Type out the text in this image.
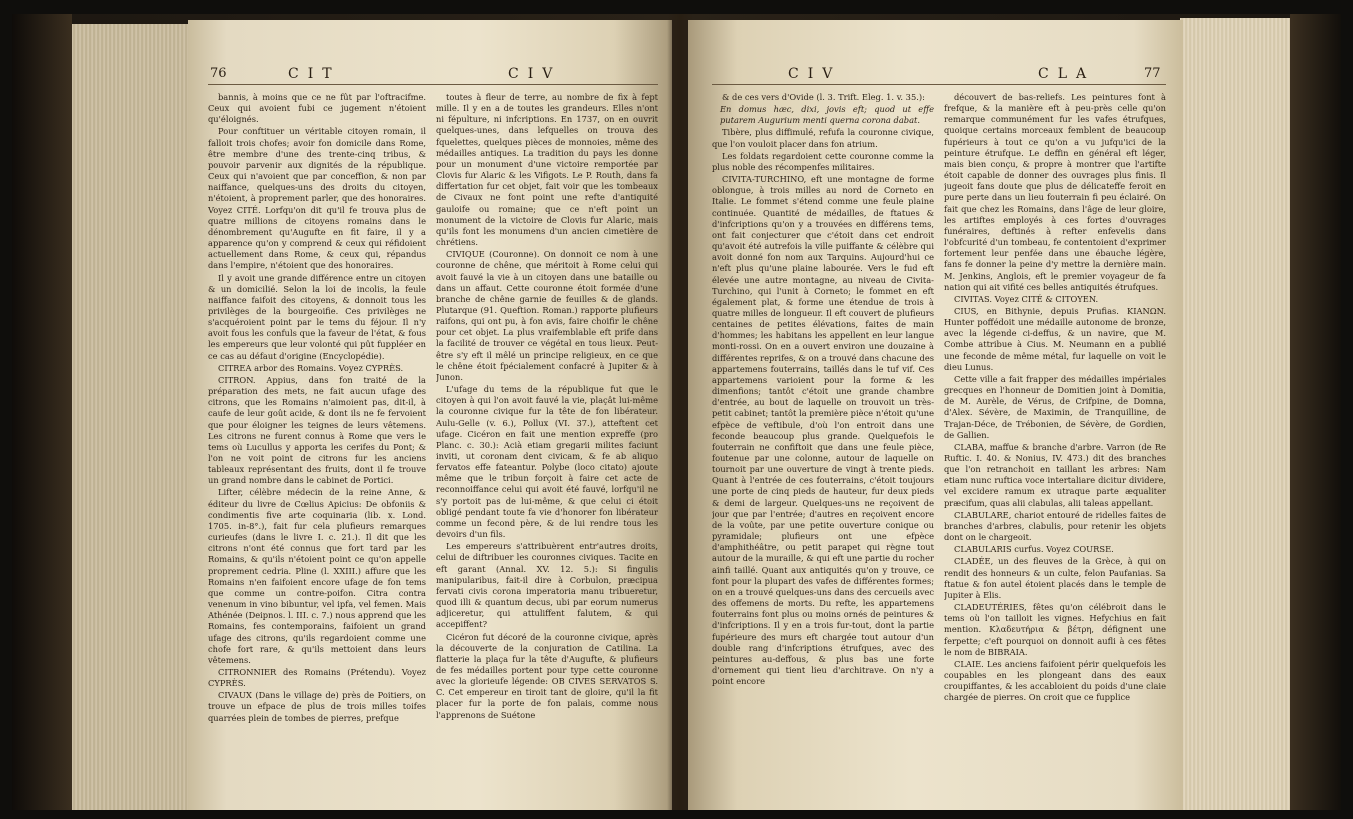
76	CIT	CIV

bannis, à moins que ce ne fût par l'oftracifme. Ceux qui avoient fubi ce jugement n'étoient qu'éloignés.

Pour conftituer un véritable citoyen romain, il falloit trois chofes; avoir fon domicile dans Rome, être membre d'une des trente-cinq tribus, & pouvoir parvenir aux dignités de la république. Ceux qui n'avoient que par conceffion, & non par naiffance, quelques-uns des droits du citoyen, n'étoient, à proprement parler, que des honoraires. Voyez CITÉ. Lorfqu'on dit qu'il fe trouva plus de quatre millions de citoyens romains dans le dénombrement qu'Augufte en fit faire, il y a apparence qu'on y comprend & ceux qui réfidoient actuellement dans Rome, & ceux qui, répandus dans l'empire, n'étoient que des honoraires.

Il y avoit une grande différence entre un citoyen & un domicilié. Selon la loi de incolis, la feule naiffance faifoit des citoyens, & donnoit tous les privilèges de la bourgeoifie. Ces privilèges ne s'acquéroient point par le tems du féjour. Il n'y avoit fous les confuls que la faveur de l'état, & fous les empereurs que leur volonté qui pût fuppléer en ce cas au défaut d'origine (Encyclopédie).

CITREA arbor des Romains. Voyez CYPRÈS.

CITRON. Appius, dans fon traité de la préparation des mets, ne fait aucun ufage des citrons, que les Romains n'aimoient pas, dit-il, à caufe de leur goût acide, & dont ils ne fe fervoient que pour éloigner les teignes de leurs vêtemens. Les citrons ne furent connus à Rome que vers le tems où Lucullus y apporta les cerifes du Pont; & l'on ne voit point de citrons fur les anciens tableaux représentant des fruits, dont il fe trouve un grand nombre dans le cabinet de Portici.

Lifter, célèbre médecin de la reine Anne, & éditeur du livre de Cœlius Apicius: De obfoniis & condimentis five arte coquinaria (lib. x. Lond. 1705. in-8°.), fait fur cela plufieurs remarques curieufes (dans le livre I. c. 21.). Il dit que les citrons n'ont été connus que fort tard par les Romains, & qu'ils n'étoient point ce qu'on appelle proprement cedria. Pline (l. XXIII.) affure que les Romains n'en faifoient encore ufage de fon tems que comme un contre-poifon. Citra contra venenum in vino bibuntur, vel ipfa, vel femen. Mais Athénée (Deipnos. l. III. c. 7.) nous apprend que les Romains, fes contemporains, faifoient un grand ufage des citrons, qu'ils regardoient comme une chofe fort rare, & qu'ils mettoient dans leurs vêtemens.

CITRONNIER des Romains (Prétendu). Voyez CYPRÈS.

CIVAUX (Dans le village de) près de Poitiers, on trouve un efpace de plus de trois milles toifes quarrées plein de tombes de pierres, prefque

toutes à fleur de terre, au nombre de fix à fept mille. Il y en a de toutes les grandeurs. Elles n'ont ni fépulture, ni infcriptions. En 1737, on en ouvrit quelques-unes, dans lefquelles on trouva des fquelettes, quelques pièces de monnoies, même des médailles antiques. La tradition du pays les donne pour un monument d'une victoire remportée par Clovis fur Alaric & les Vifigots. Le P. Routh, dans fa differtation fur cet objet, fait voir que les tombeaux de Civaux ne font point une refte d'antiquité gauloife ou romaine; que ce n'eft point un monument de la victoire de Clovis fur Alaric, mais qu'ils font les monumens d'un ancien cimetière de chrétiens.

CIVIQUE (Couronne). On donnoit ce nom à une couronne de chêne, que méritoit à Rome celui qui avoit fauvé la vie à un citoyen dans une bataille ou dans un affaut. Cette couronne étoit formée d'une branche de chêne garnie de feuilles & de glands. Plutarque (91. Queftion. Roman.) rapporte plufieurs raifons, qui ont pu, à fon avis, faire choifir le chêne pour cet objet. La plus vraifemblable eft prife dans la facilité de trouver ce végétal en tous lieux. Peut-être s'y eft il mêlé un principe religieux, en ce que le chêne étoit fpécialement confacré à Jupiter & à Junon.

L'ufage du tems de la république fut que le citoyen à qui l'on avoit fauvé la vie, plaçât lui-même la couronne civique fur la tête de fon libérateur. Aulu-Gelle (v. 6.), Pollux (VI. 37.), atteftent cet ufage. Cicéron en fait une mention expreffe (pro Planc. c. 30.): Acià etiam gregarii milites faciunt inviti, ut coronam dent civicam, & fe ab aliquo fervatos effe fateantur. Polybe (loco citato) ajoute même que le tribun forçoit à faire cet acte de reconnoiffance celui qui avoit été fauvé, lorfqu'il ne s'y portoit pas de lui-même, & que celui ci étoit obligé pendant toute fa vie d'honorer fon libérateur comme un fecond père, & de lui rendre tous les devoirs d'un fils.

Les empereurs s'attribuèrent entr'autres droits, celui de diftribuer les couronnes civiques. Tacite en eft garant (Annal. XV. 12. 5.): Si fingulis manipularibus, fait-il dire à Corbulon, præcipua fervati civis corona imperatoria manu tribueretur, quod illi & quantum decus, ubi par eorum numerus adjiceretur, qui attuliffent falutem, & qui accepiffent?

Cicéron fut décoré de la couronne civique, après la découverte de la conjuration de Catilina. La flatterie la plaça fur la tête d'Augufte, & plufieurs de fes médailles portent pour type cette couronne avec la glorieufe légende: OB CIVES SERVATOS S. C. Cet empereur en tiroit tant de gloire, qu'il la fit placer fur la porte de fon palais, comme nous l'apprenons de Suétone

CIV	CLA	77

& de ces vers d'Ovide (l. 3. Trift. Eleg. 1. v. 35.):

En domus hæc, dixi, jovis eft; quod ut effe putarem Augurium menti querna corona dabat.

Tibère, plus diffimulé, refufa la couronne civique, que l'on vouloit placer dans fon atrium.

Les foldats regardoient cette couronne comme la plus noble des récompenfes militaires.

CIVITA-TURCHINO, eft une montagne de forme oblongue, à trois milles au nord de Corneto en Italie. Le fommet s'étend comme une feule plaine continuée. Quantité de médailles, de ftatues & d'infcriptions qu'on y a trouvées en différens tems, ont fait conjecturer que c'étoit dans cet endroit qu'avoit été autrefois la ville puiffante & célèbre qui avoit donné fon nom aux Tarquins. Aujourd'hui ce n'eft plus qu'une plaine labourée. Vers le fud eft élevée une autre montagne, au niveau de Civita-Turchino, qui l'unit à Corneto; le fommet en eft également plat, & forme une étendue de trois à quatre milles de longueur. Il eft couvert de plufieurs centaines de petites élévations, faites de main d'hommes; les habitans les appellent en leur langue monti-rossi. On en a ouvert environ une douzaine à différentes reprifes, & on a trouvé dans chacune des appartemens fouterrains, taillés dans le tuf vif. Ces appartemens varioient pour la forme & les dimenfions; tantôt c'étoit une grande chambre d'entrée, au bout de laquelle on trouvoit un très-petit cabinet; tantôt la première pièce n'étoit qu'une efpèce de veftibule, d'où l'on entroit dans une feconde beaucoup plus grande. Quelquefois le fouterrain ne confiftoit que dans une feule pièce, foutenue par une colonne, autour de laquelle on tournoit par une ouverture de vingt à trente pieds. Quant à l'entrée de ces fouterrains, c'étoit toujours une porte de cinq pieds de hauteur, fur deux pieds & demi de largeur. Quelques-uns ne reçoivent de jour que par l'entrée; d'autres en reçoivent encore de la voûte, par une petite ouverture conique ou pyramidale; plufieurs ont une efpèce d'amphithéâtre, ou petit parapet qui règne tout autour de la muraille, & qui eft une partie du rocher ainfi taillé. Quant aux antiquités qu'on y trouve, ce font pour la plupart des vafes de différentes formes; on en a trouvé quelques-uns dans des cercueils avec des offemens de morts. Du refte, les appartemens fouterrains font plus ou moins ornés de peintures & d'infcriptions. Il y en a trois fur-tout, dont la partie fupérieure des murs eft chargée tout autour d'un double rang d'infcriptions étrufques, avec des peintures au-deffous, & plus bas une forte d'ornement qui tient lieu d'architrave. On n'y a point encore

découvert de bas-reliefs. Les peintures font à frefque, & la manière eft à peu-près celle qu'on remarque communément fur les vafes étrufques, quoique certains morceaux femblent de beaucoup fupérieurs à tout ce qu'on a vu jufqu'ici de la peinture étrufque. Le deffin en général eft léger, mais bien conçu, & propre à montrer que l'artifte étoit capable de donner des ouvrages plus finis. Il jugeoit fans doute que plus de délicateffe feroit en pure perte dans un lieu fouterrain fi peu éclairé. On fait que chez les Romains, dans l'âge de leur gloire, les artiftes employés à ces fortes d'ouvrages funéraires, deftinés à refter enfevelis dans l'obfcurité d'un tombeau, fe contentoient d'exprimer fortement leur penfée dans une ébauche légère, fans fe donner la peine d'y mettre la dernière main. M. Jenkins, Anglois, eft le premier voyageur de fa nation qui ait vifité ces belles antiquités étrufques.

CIVITAS. Voyez CITÉ & CITOYEN.

CIUS, en Bithynie, depuis Prufias. KIANΩN. Hunter poffédoit une médaille autonome de bronze, avec la légende ci-deffus, & un navire, que M. Combe attribue à Cius. M. Neumann en a publié une feconde de même métal, fur laquelle on voit le dieu Lunus.

Cette ville a fait frapper des médailles impériales grecques en l'honneur de Domitien joint à Domitia, de M. Aurèle, de Vérus, de Crifpine, de Domna, d'Alex. Sévère, de Maximin, de Tranquilline, de Trajan-Déce, de Trébonien, de Sévère, de Gordien, de Gallien.

CLABA, maffue & branche d'arbre. Varron (de Re Ruftic. I. 40. & Nonius, IV. 473.) dit des branches que l'on retranchoit en taillant les arbres: Nam etiam nunc ruftica voce intertaliare dicitur dividere, vel excidere ramum ex utraque parte æqualiter præcifum, quas alii clabulas, alii taleas appellant.

CLABULARE, chariot entouré de ridelles faites de branches d'arbres, clabulis, pour retenir les objets dont on le chargeoit.

CLABULARIS curfus. Voyez COURSE.

CLADÉE, un des fleuves de la Grèce, à qui on rendit des honneurs & un culte, felon Paufanias. Sa ftatue & fon autel étoient placés dans le temple de Jupiter à Elis.

CLADEUTÉRIES, fêtes qu'on célébroit dans le tems où l'on tailloit les vignes. Hefychius en fait mention. Κλαδευτήρια & βέτρη, défignent une ferpette; c'eft pourquoi on donnoit aufli à ces fêtes le nom de BIBRAIA.

CLAIE. Les anciens faifoient périr quelquefois les coupables en les plongeant dans des eaux croupiffantes, & les accabloient du poids d'une claie chargée de pierres. On croit que ce fupplice
